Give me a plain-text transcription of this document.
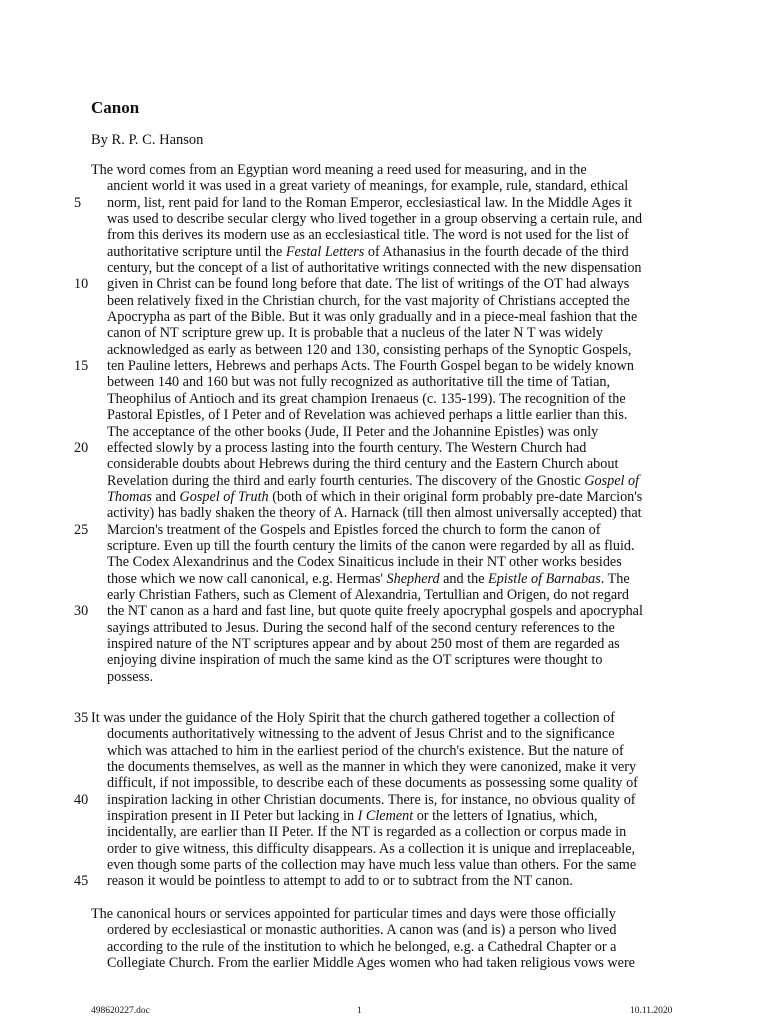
Canon
By R. P. C. Hanson
The word comes from an Egyptian word meaning a reed used for measuring, and in the
ancient world it was used in a great variety of meanings, for example, rule, standard, ethical
5 norm, list, rent paid for land to the Roman Emperor, ecclesiastical law. In the Middle Ages it
was used to describe secular clergy who lived together in a group observing a certain rule, and
from this derives its modern use as an ecclesiastical title. The word is not used for the list of
authoritative scripture until the Festal Letters of Athanasius in the fourth decade of the third
century, but the concept of a list of authoritative writings connected with the new dispensation
10 given in Christ can be found long before that date. The list of writings of the OT had always
been relatively fixed in the Christian church, for the vast majority of Christians accepted the
Apocrypha as part of the Bible. But it was only gradually and in a piece-meal fashion that the
canon of NT scripture grew up. It is probable that a nucleus of the later N T was widely
acknowledged as early as between 120 and 130, consisting perhaps of the Synoptic Gospels,
15 ten Pauline letters, Hebrews and perhaps Acts. The Fourth Gospel began to be widely known
between 140 and 160 but was not fully recognized as authoritative till the time of Tatian,
Theophilus of Antioch and its great champion Irenaeus (c. 135-199). The recognition of the
Pastoral Epistles, of I Peter and of Revelation was achieved perhaps a little earlier than this.
The acceptance of the other books (Jude, II Peter and the Johannine Epistles) was only
20 effected slowly by a process lasting into the fourth century. The Western Church had
considerable doubts about Hebrews during the third century and the Eastern Church about
Revelation during the third and early fourth centuries. The discovery of the Gnostic Gospel of
Thomas and Gospel of Truth (both of which in their original form probably pre-date Marcion's
activity) has badly shaken the theory of A. Harnack (till then almost universally accepted) that
25 Marcion's treatment of the Gospels and Epistles forced the church to form the canon of
scripture. Even up till the fourth century the limits of the canon were regarded by all as fluid.
The Codex Alexandrinus and the Codex Sinaiticus include in their NT other works besides
those which we now call canonical, e.g. Hermas' Shepherd and the Epistle of Barnabas. The
early Christian Fathers, such as Clement of Alexandria, Tertullian and Origen, do not regard
30 the NT canon as a hard and fast line, but quote quite freely apocryphal gospels and apocryphal
sayings attributed to Jesus. During the second half of the second century references to the
inspired nature of the NT scriptures appear and by about 250 most of them are regarded as
enjoying divine inspiration of much the same kind as the OT scriptures were thought to
possess.
35 It was under the guidance of the Holy Spirit that the church gathered together a collection of
documents authoritatively witnessing to the advent of Jesus Christ and to the significance
which was attached to him in the earliest period of the church's existence. But the nature of
the documents themselves, as well as the manner in which they were canonized, make it very
difficult, if not impossible, to describe each of these documents as possessing some quality of
40 inspiration lacking in other Christian documents. There is, for instance, no obvious quality of
inspiration present in II Peter but lacking in I Clement or the letters of Ignatius, which,
incidentally, are earlier than II Peter. If the NT is regarded as a collection or corpus made in
order to give witness, this difficulty disappears. As a collection it is unique and irreplaceable,
even though some parts of the collection may have much less value than others. For the same
45 reason it would be pointless to attempt to add to or to subtract from the NT canon.
The canonical hours or services appointed for particular times and days were those officially
ordered by ecclesiastical or monastic authorities. A canon was (and is) a person who lived
according to the rule of the institution to which he belonged, e.g. a Cathedral Chapter or a
Collegiate Church. From the earlier Middle Ages women who had taken religious vows were
498620227.doc	1	10.11.2020
